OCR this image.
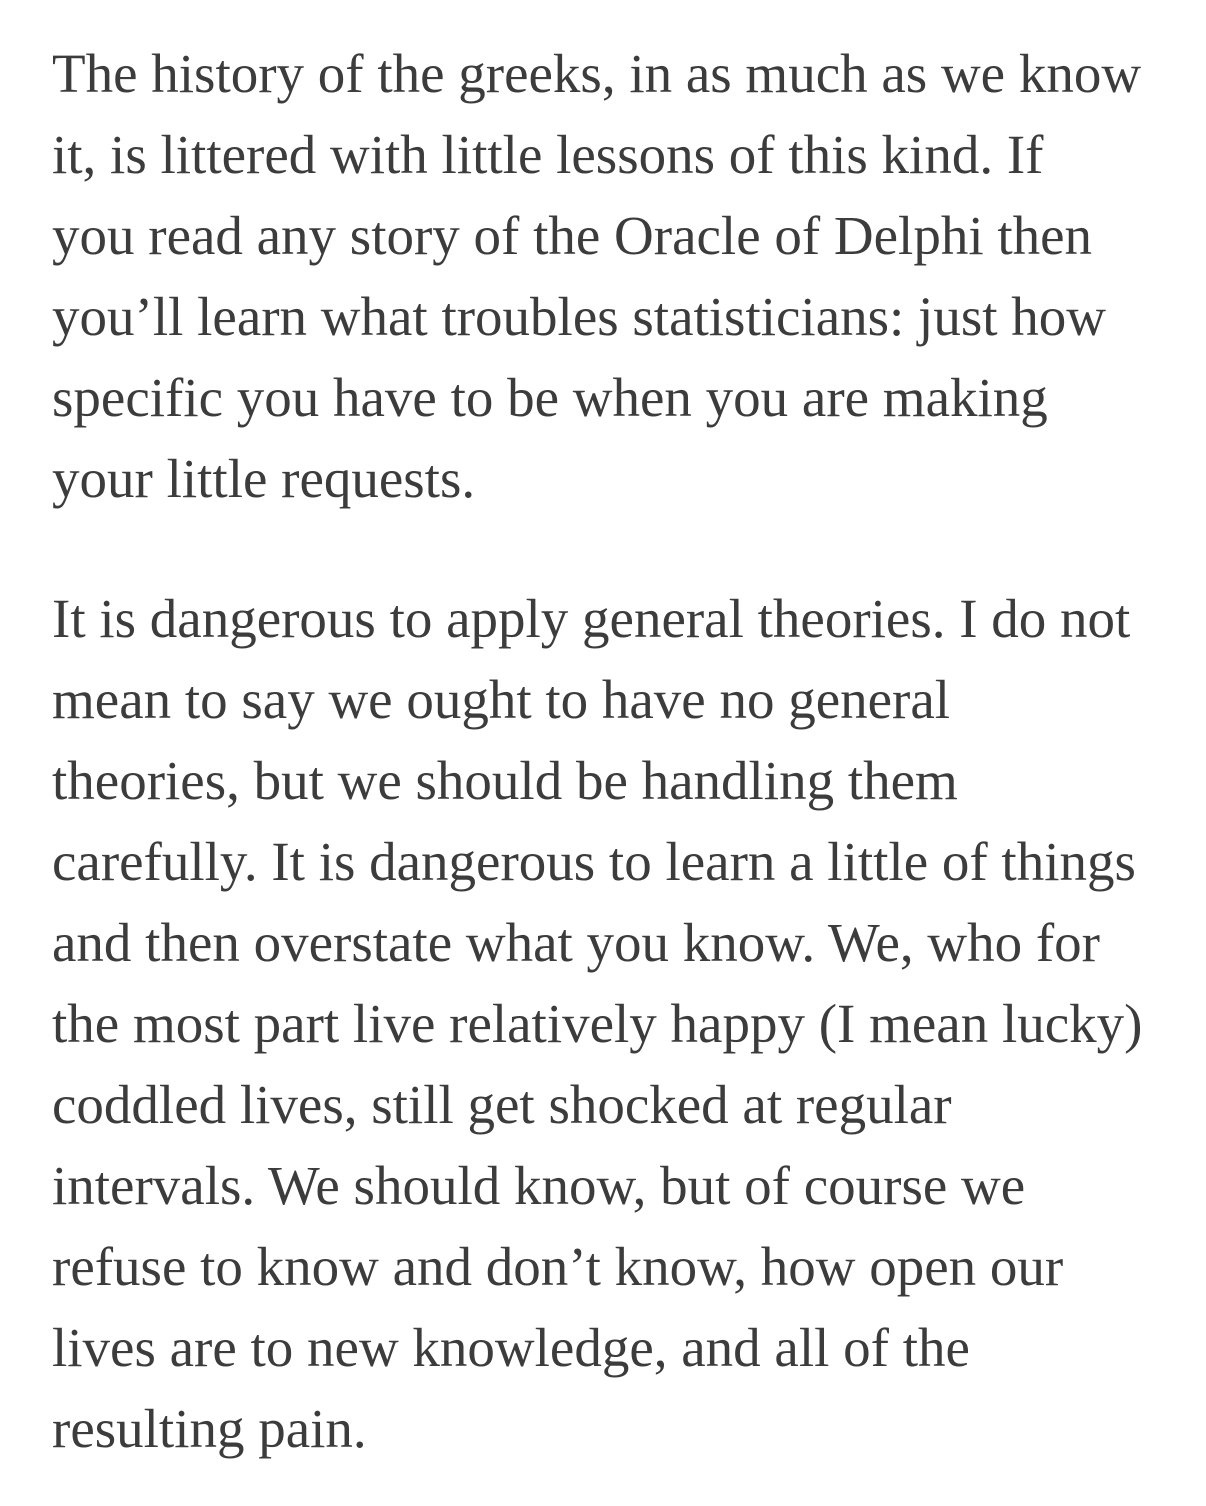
The history of the greeks, in as much as we know
it, is littered with little lessons of this kind. If
you read any story of the Oracle of Delphi then
you’ll learn what troubles statisticians: just how
specific you have to be when you are making
your little requests.

It is dangerous to apply general theories. I do not
mean to say we ought to have no general
theories, but we should be handling them
carefully. It is dangerous to learn a little of things
and then overstate what you know. We, who for
the most part live relatively happy (I mean lucky)
coddled lives, still get shocked at regular
intervals. We should know, but of course we
refuse to know and don’t know, how open our
lives are to new knowledge, and all of the
resulting pain.
